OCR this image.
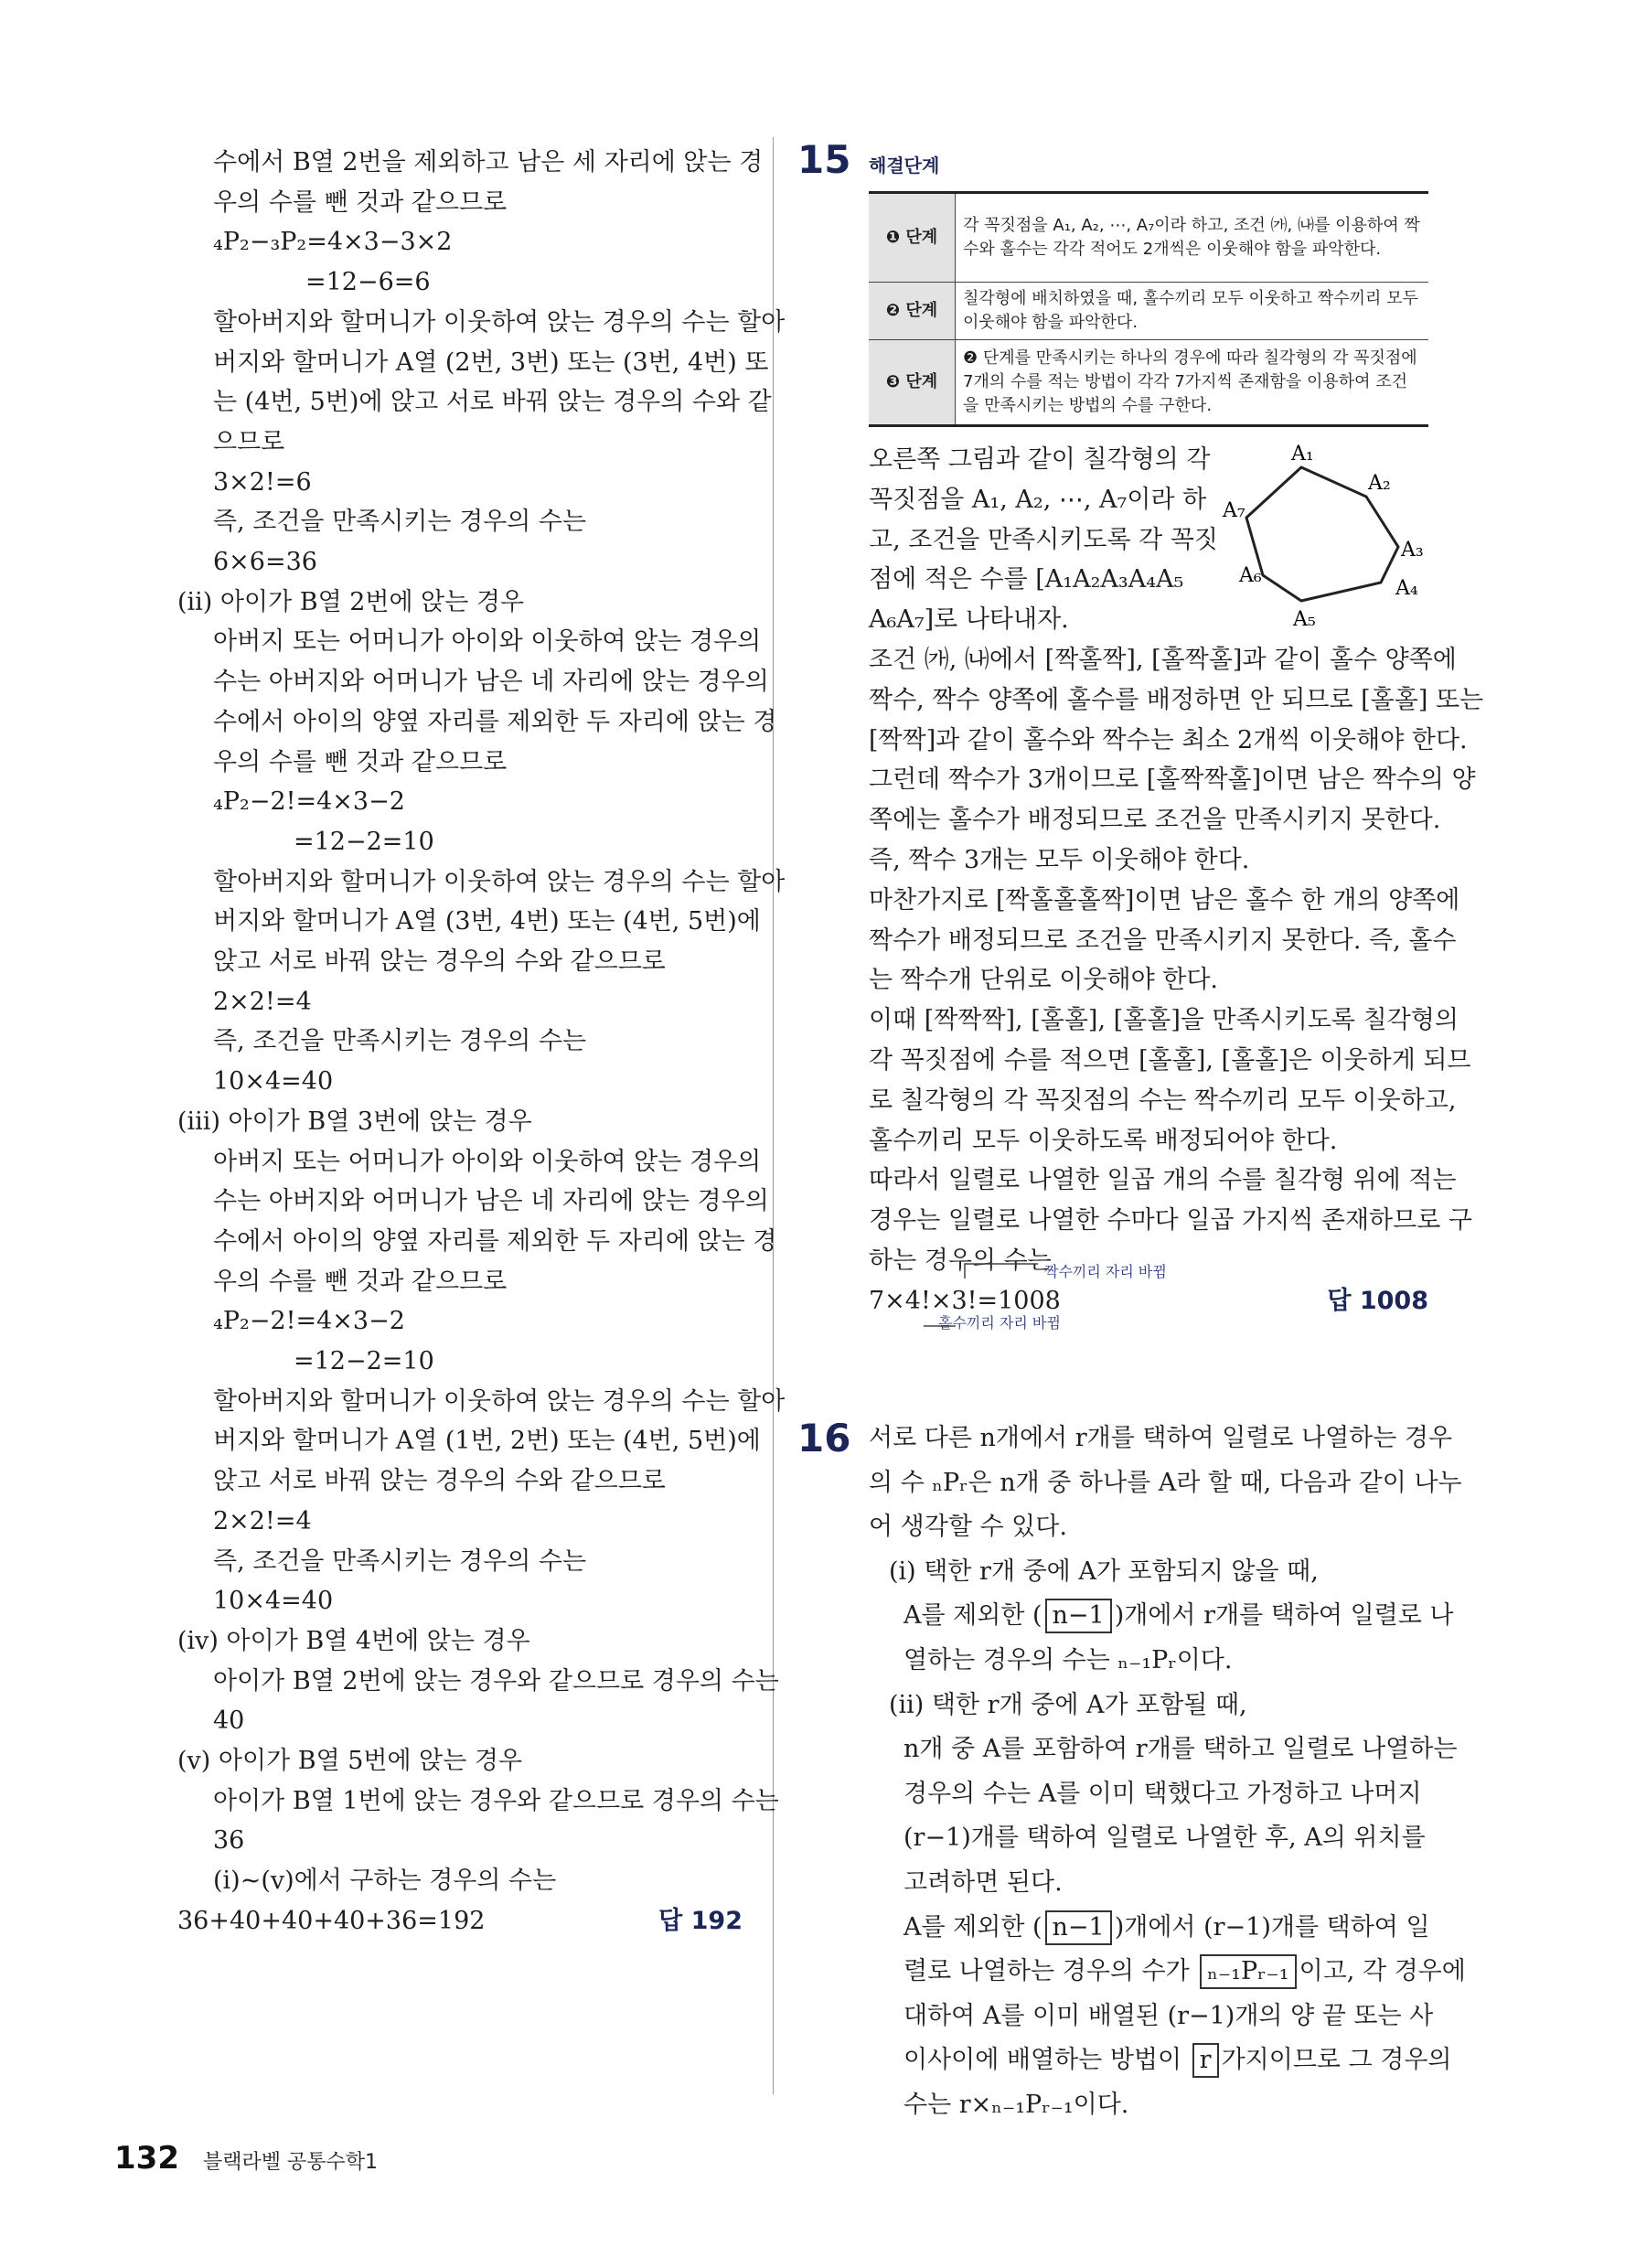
수에서 B열 2번을 제외하고 남은 세 자리에 앉는 경
우의 수를 뺀 것과 같으므로
₄P₂−₃P₂=4×3−3×2
=12−6=6
할아버지와 할머니가 이웃하여 앉는 경우의 수는 할아
버지와 할머니가 A열 (2번, 3번) 또는 (3번, 4번) 또
는 (4번, 5번)에 앉고 서로 바꿔 앉는 경우의 수와 같
으므로
3×2!=6
즉, 조건을 만족시키는 경우의 수는
6×6=36
(ii) 아이가 B열 2번에 앉는 경우
아버지 또는 어머니가 아이와 이웃하여 앉는 경우의
수는 아버지와 어머니가 남은 네 자리에 앉는 경우의
수에서 아이의 양옆 자리를 제외한 두 자리에 앉는 경
우의 수를 뺀 것과 같으므로
₄P₂−2!=4×3−2
=12−2=10
할아버지와 할머니가 이웃하여 앉는 경우의 수는 할아
버지와 할머니가 A열 (3번, 4번) 또는 (4번, 5번)에
앉고 서로 바꿔 앉는 경우의 수와 같으므로
2×2!=4
즉, 조건을 만족시키는 경우의 수는
10×4=40
(iii) 아이가 B열 3번에 앉는 경우
아버지 또는 어머니가 아이와 이웃하여 앉는 경우의
수는 아버지와 어머니가 남은 네 자리에 앉는 경우의
수에서 아이의 양옆 자리를 제외한 두 자리에 앉는 경
우의 수를 뺀 것과 같으므로
₄P₂−2!=4×3−2
=12−2=10
할아버지와 할머니가 이웃하여 앉는 경우의 수는 할아
버지와 할머니가 A열 (1번, 2번) 또는 (4번, 5번)에
앉고 서로 바꿔 앉는 경우의 수와 같으므로
2×2!=4
즉, 조건을 만족시키는 경우의 수는
10×4=40
(iv) 아이가 B열 4번에 앉는 경우
아이가 B열 2번에 앉는 경우와 같으므로 경우의 수는
40
(v) 아이가 B열 5번에 앉는 경우
아이가 B열 1번에 앉는 경우와 같으므로 경우의 수는
36
(i)~(v)에서 구하는 경우의 수는
36+40+40+40+36=192	답 192
15 해결단계
❶ 단계	각 꼭짓점을 A₁, A₂, ⋯, A₇이라 하고, 조건 ㈎, ㈏를 이용하여 짝수와 홀수는 각각 적어도 2개씩은 이웃해야 함을 파악한다.
❷ 단계	칠각형에 배치하였을 때, 홀수끼리 모두 이웃하고 짝수끼리 모두 이웃해야 함을 파악한다.
❸ 단계	❷ 단계를 만족시키는 하나의 경우에 따라 칠각형의 각 꼭짓점에 7개의 수를 적는 방법이 각각 7가지씩 존재함을 이용하여 조건을 만족시키는 방법의 수를 구한다.
A₁
A₂
A₃
A₄
A₅
A₆
A₇
오른쪽 그림과 같이 칠각형의 각
꼭짓점을 A₁, A₂, ⋯, A₇이라 하
고, 조건을 만족시키도록 각 꼭짓
점에 적은 수를 [A₁A₂A₃A₄A₅
A₆A₇]로 나타내자.
조건 ㈎, ㈏에서 [짝홀짝], [홀짝홀]과 같이 홀수 양쪽에
짝수, 짝수 양쪽에 홀수를 배정하면 안 되므로 [홀홀] 또는
[짝짝]과 같이 홀수와 짝수는 최소 2개씩 이웃해야 한다.
그런데 짝수가 3개이므로 [홀짝짝홀]이면 남은 짝수의 양
쪽에는 홀수가 배정되므로 조건을 만족시키지 못한다.
즉, 짝수 3개는 모두 이웃해야 한다.
마찬가지로 [짝홀홀홀짝]이면 남은 홀수 한 개의 양쪽에
짝수가 배정되므로 조건을 만족시키지 못한다. 즉, 홀수
는 짝수개 단위로 이웃해야 한다.
이때 [짝짝짝], [홀홀], [홀홀]을 만족시키도록 칠각형의
각 꼭짓점에 수를 적으면 [홀홀], [홀홀]은 이웃하게 되므
로 칠각형의 각 꼭짓점의 수는 짝수끼리 모두 이웃하고,
홀수끼리 모두 이웃하도록 배정되어야 한다.
따라서 일렬로 나열한 일곱 개의 수를 칠각형 위에 적는
경우는 일렬로 나열한 수마다 일곱 가지씩 존재하므로 구
하는 경우의 수는
7×4!×3!=1008	답 1008
짝수끼리 자리 바뀜
홀수끼리 자리 바뀜
16 서로 다른 n개에서 r개를 택하여 일렬로 나열하는 경우
의 수 ₙPᵣ은 n개 중 하나를 A라 할 때, 다음과 같이 나누
어 생각할 수 있다.
(i) 택한 r개 중에 A가 포함되지 않을 때,
A를 제외한 ( n−1 )개에서 r개를 택하여 일렬로 나
열하는 경우의 수는 ₙ₋₁Pᵣ이다.
(ii) 택한 r개 중에 A가 포함될 때,
n개 중 A를 포함하여 r개를 택하고 일렬로 나열하는
경우의 수는 A를 이미 택했다고 가정하고 나머지
(r−1)개를 택하여 일렬로 나열한 후, A의 위치를
고려하면 된다.
A를 제외한 ( n−1 )개에서 (r−1)개를 택하여 일
렬로 나열하는 경우의 수가 ₙ₋₁Pᵣ₋₁ 이고, 각 경우에
대하여 A를 이미 배열된 (r−1)개의 양 끝 또는 사
이사이에 배열하는 방법이 r 가지이므로 그 경우의
수는 r×ₙ₋₁Pᵣ₋₁이다.
132 블랙라벨 공통수학1
